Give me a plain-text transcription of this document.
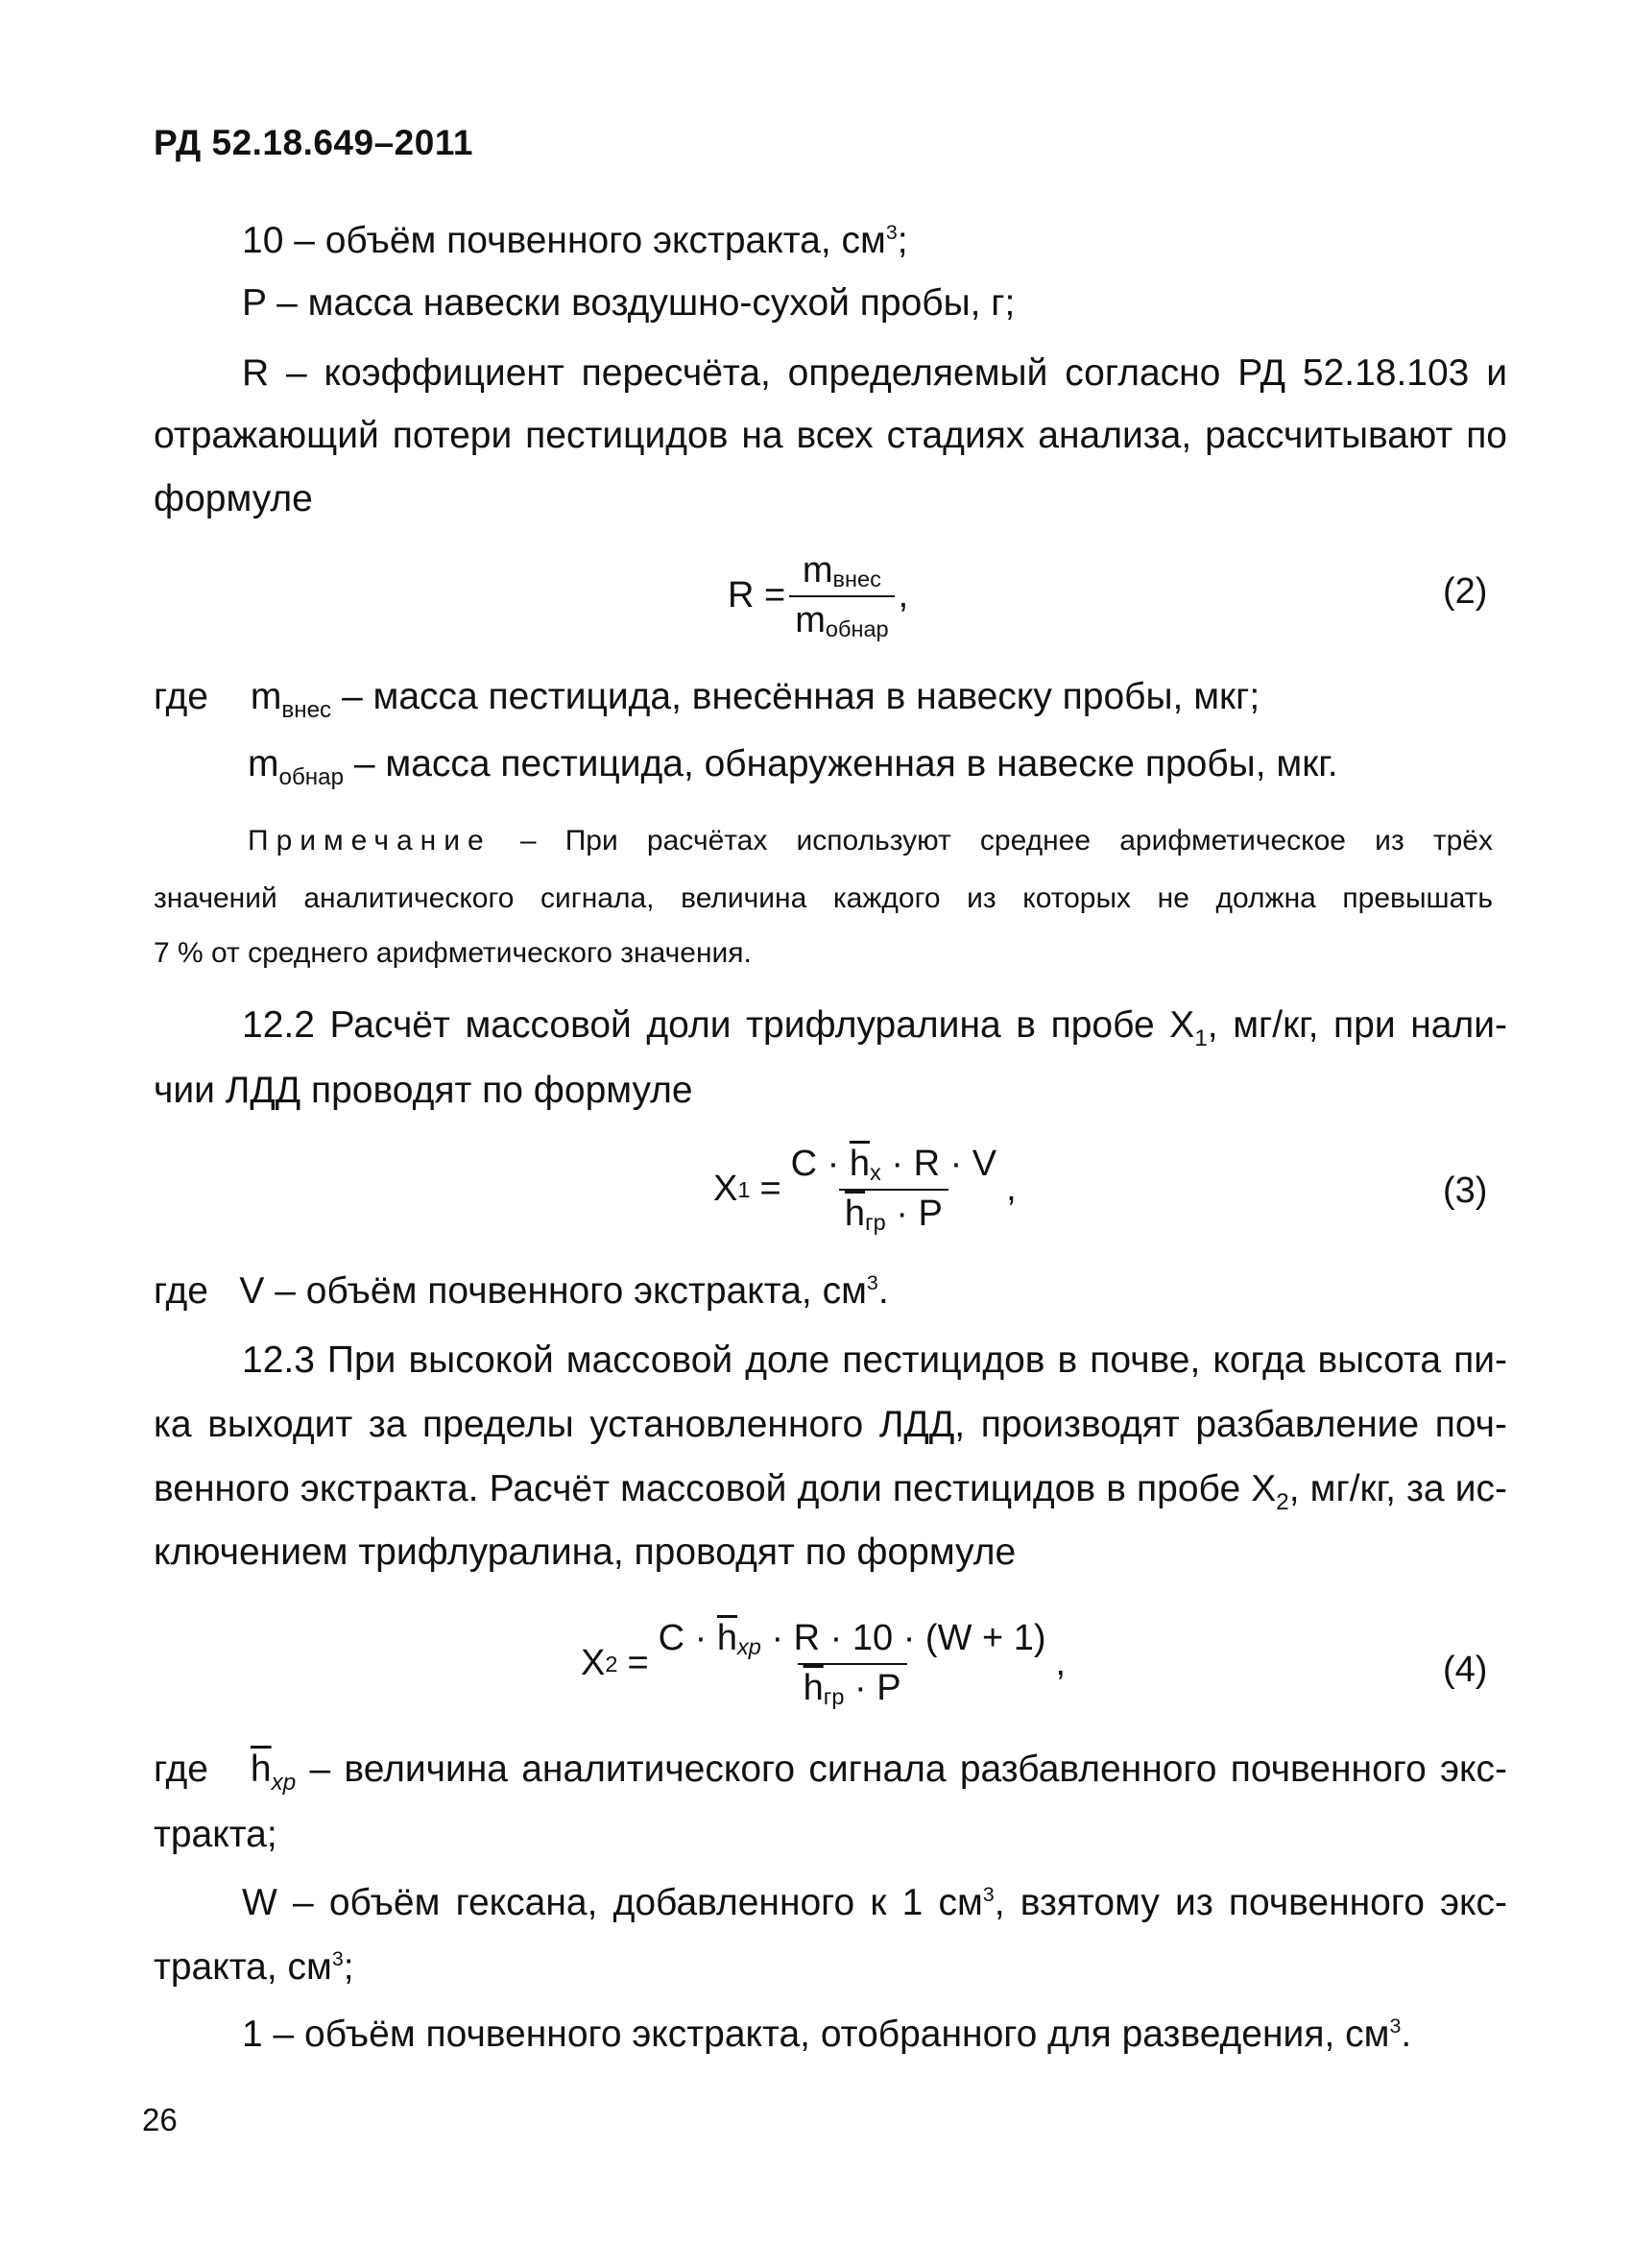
РД 52.18.649–2011
10 – объём почвенного экстракта, $см^3$;
P – масса навески воздушно-сухой пробы, г;
R – коэффициент пересчёта, определяемый согласно РД 52.18.103 и
отражающий потери пестицидов на всех стадиях анализа, рассчитывают по
формуле
$R = \frac{\text{mвнес}}{\text{mобнар}}$ ,	(2)
где $m_{внес}$ – масса пестицида, внесённая в навеску пробы, мкг;
$m_{обнар}$ – масса пестицида, обнаруженная в навеске пробы, мкг.
Примечание – При расчётах используют среднее арифметическое из трёх
значений аналитического сигнала, величина каждого из которых не должна превышать
7 % от среднего арифметического значения.
12.2 Расчёт массовой доли трифлуралина в пробе $X_1$, мг/кг, при нали-
чии ЛДД проводят по формуле
X $1 = \frac{C \cdot \overline{h}x \cdot R \cdot V}{\overline{h}гр \cdot P}$ ,	(3)
где   V – объём почвенного экстракта, $см^3$.
12.3 При высокой массовой доле пестицидов в почве, когда высота пи-
ка выходит за пределы установленного ЛДД, производят разбавление поч-
венного экстракта. Расчёт массовой доли пестицидов в пробе $X_2$, мг/кг, за ис-
ключением трифлуралина, проводят по формуле
X $2 = \frac{C \cdot \overline{h}xp \cdot R \cdot 10 \cdot (W + 1)}{\overline{h}гр \cdot P}$ ,	(4)
где $\overline{h}_{xp}$ – величина аналитического сигнала разбавленного почвенного экс-
тракта;
W – объём гексана, добавленного к 1 $см^3$, взятому из почвенного экс-
тракта, $см^3$;
1 – объём почвенного экстракта, отобранного для разведения, $см^3$.
26
